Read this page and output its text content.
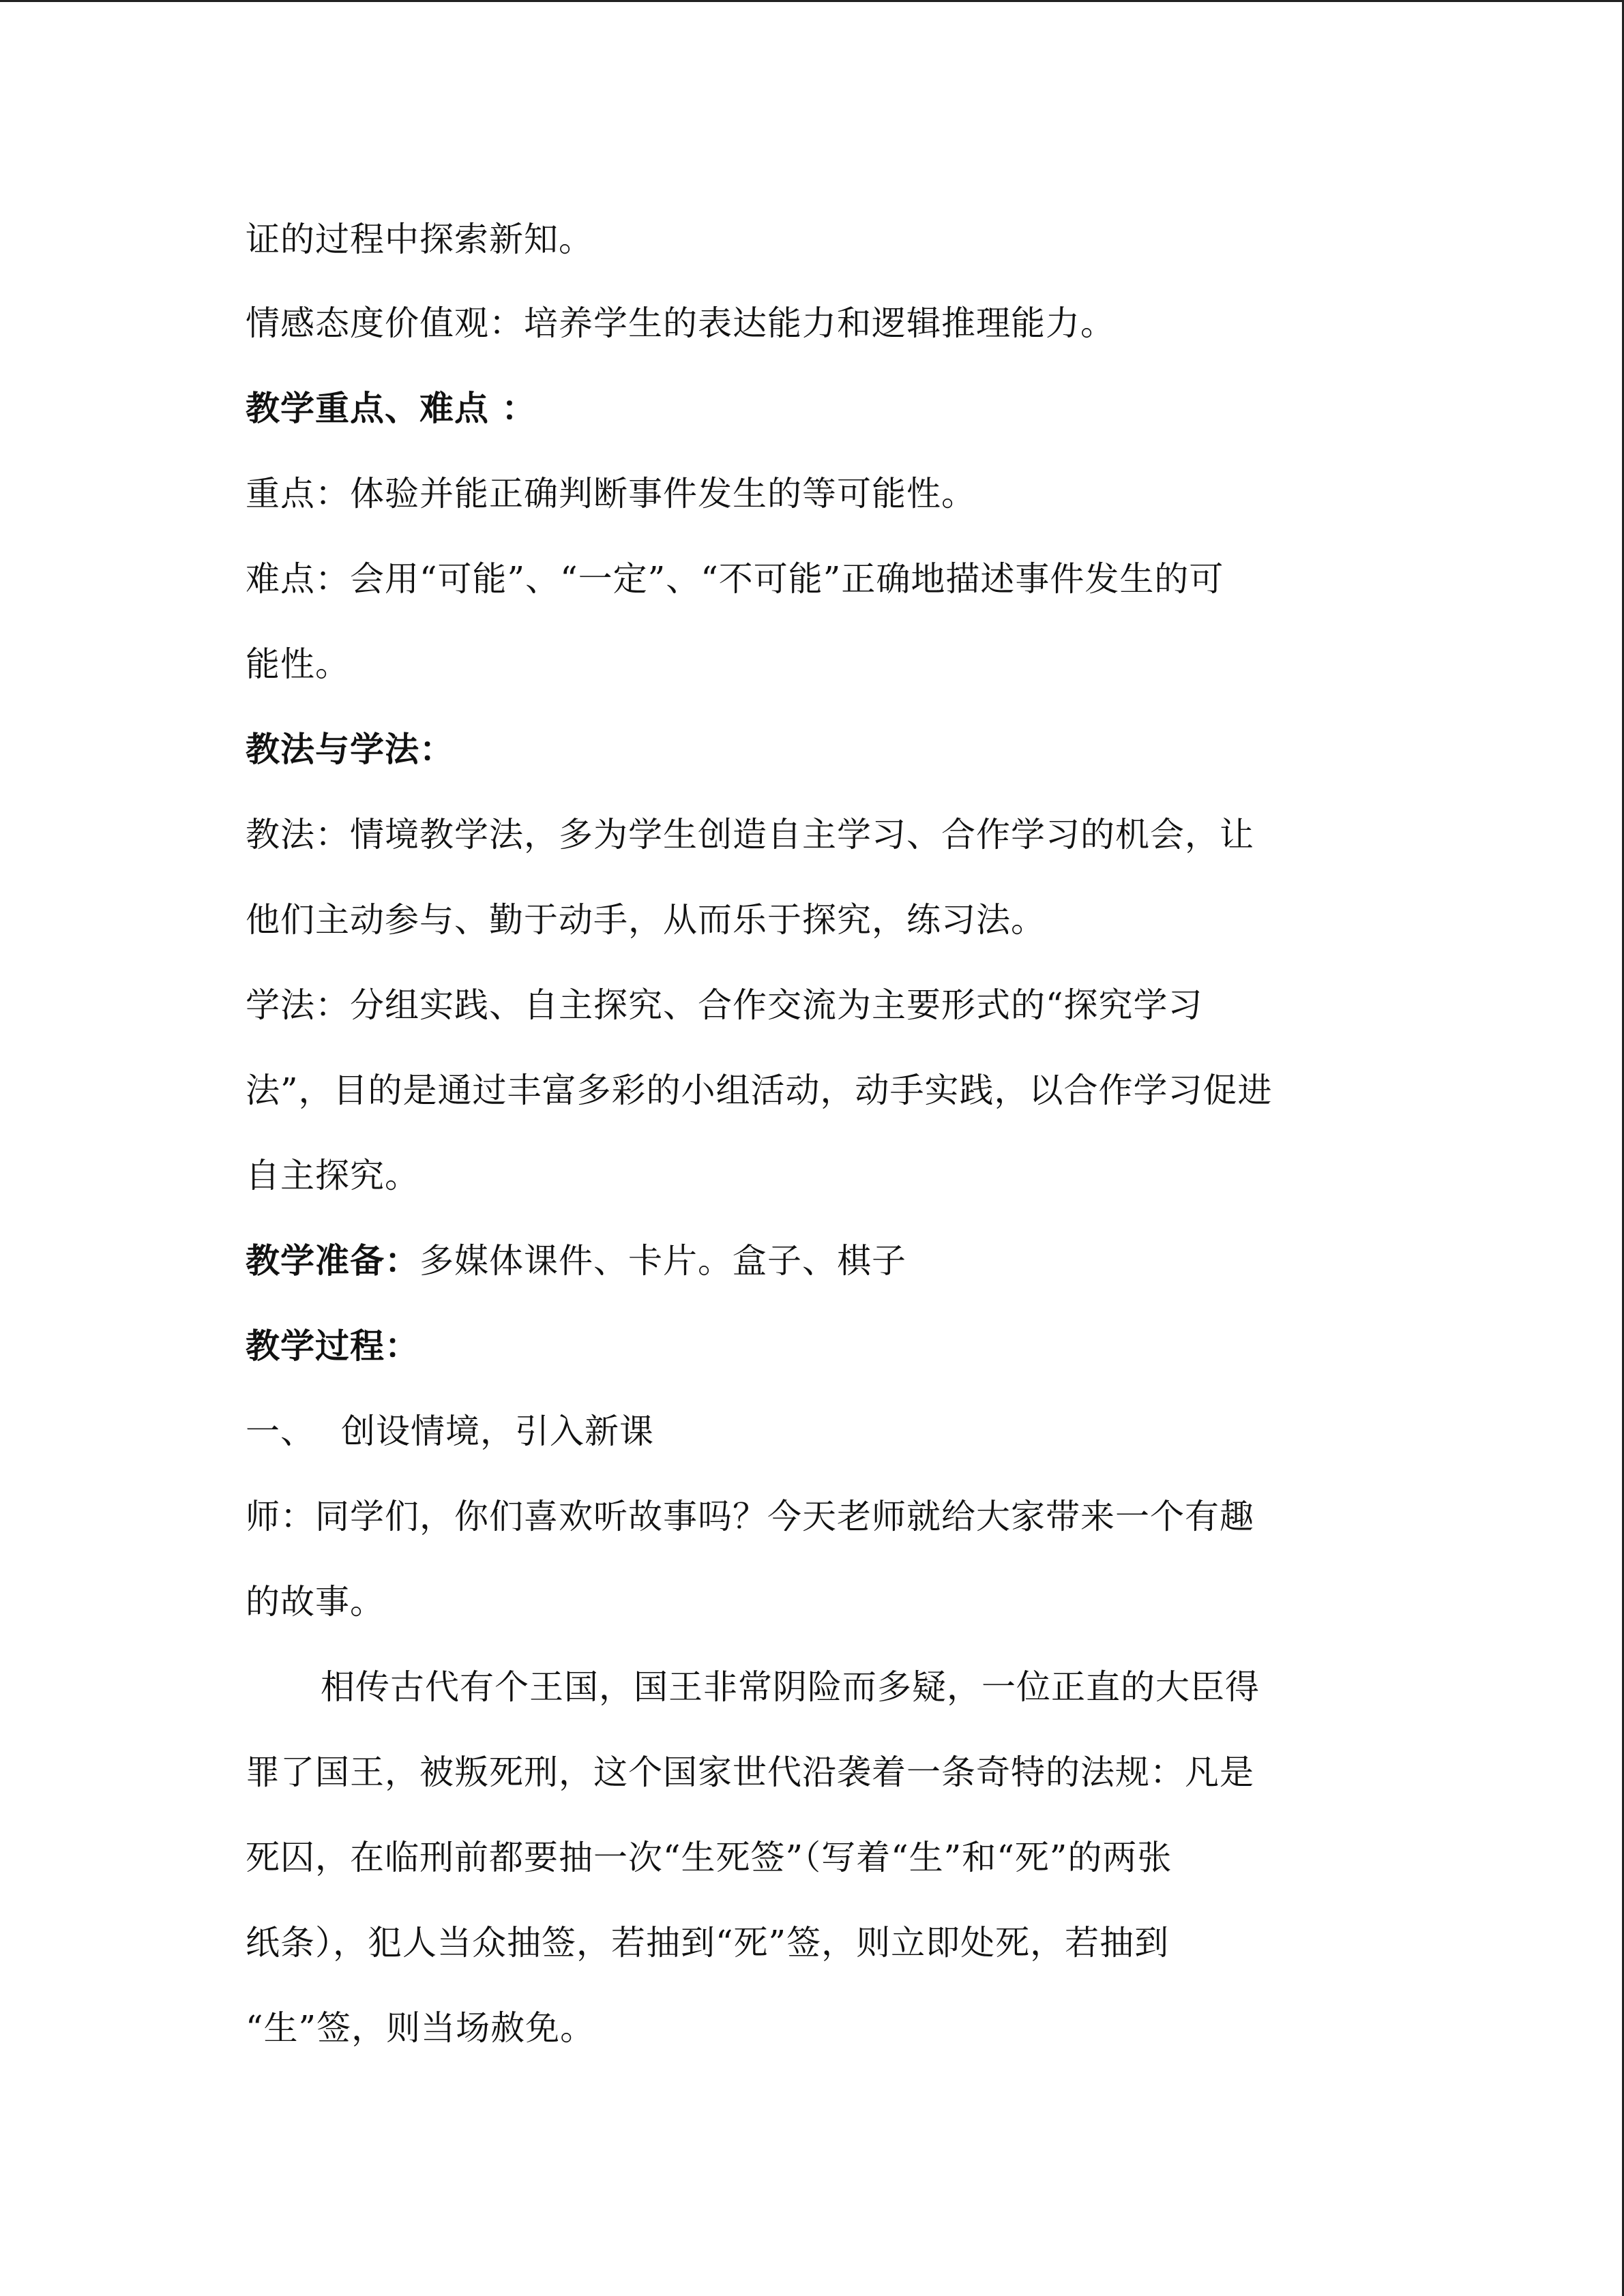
证的过程中探索新知。
情感态度价值观：培养学生的表达能力和逻辑推理能力。
教学重点、难点 ：
重点：体验并能正确判断事件发生的等可能性。
难点：会用“可能”、“一定”、“不可能”正确地描述事件发生的可
能性。
教法与学法：
教法：情境教学法，多为学生创造自主学习、合作学习的机会，让
他们主动参与、勤于动手，从而乐于探究，练习法。
学法：分组实践、自主探究、合作交流为主要形式的“探究学习
法”，目的是通过丰富多彩的小组活动，动手实践，以合作学习促进
自主探究。
教学准备：多媒体课件、卡片。盒子、棋子
教学过程：
一、 创设情境，引入新课
师：同学们，你们喜欢听故事吗？今天老师就给大家带来一个有趣
的故事。
相传古代有个王国，国王非常阴险而多疑，一位正直的大臣得
罪了国王，被叛死刑，这个国家世代沿袭着一条奇特的法规：凡是
死囚，在临刑前都要抽一次“生死签”（写着“生”和“死”的两张
纸条），犯人当众抽签，若抽到“死”签，则立即处死，若抽到
“生”签，则当场赦免。
